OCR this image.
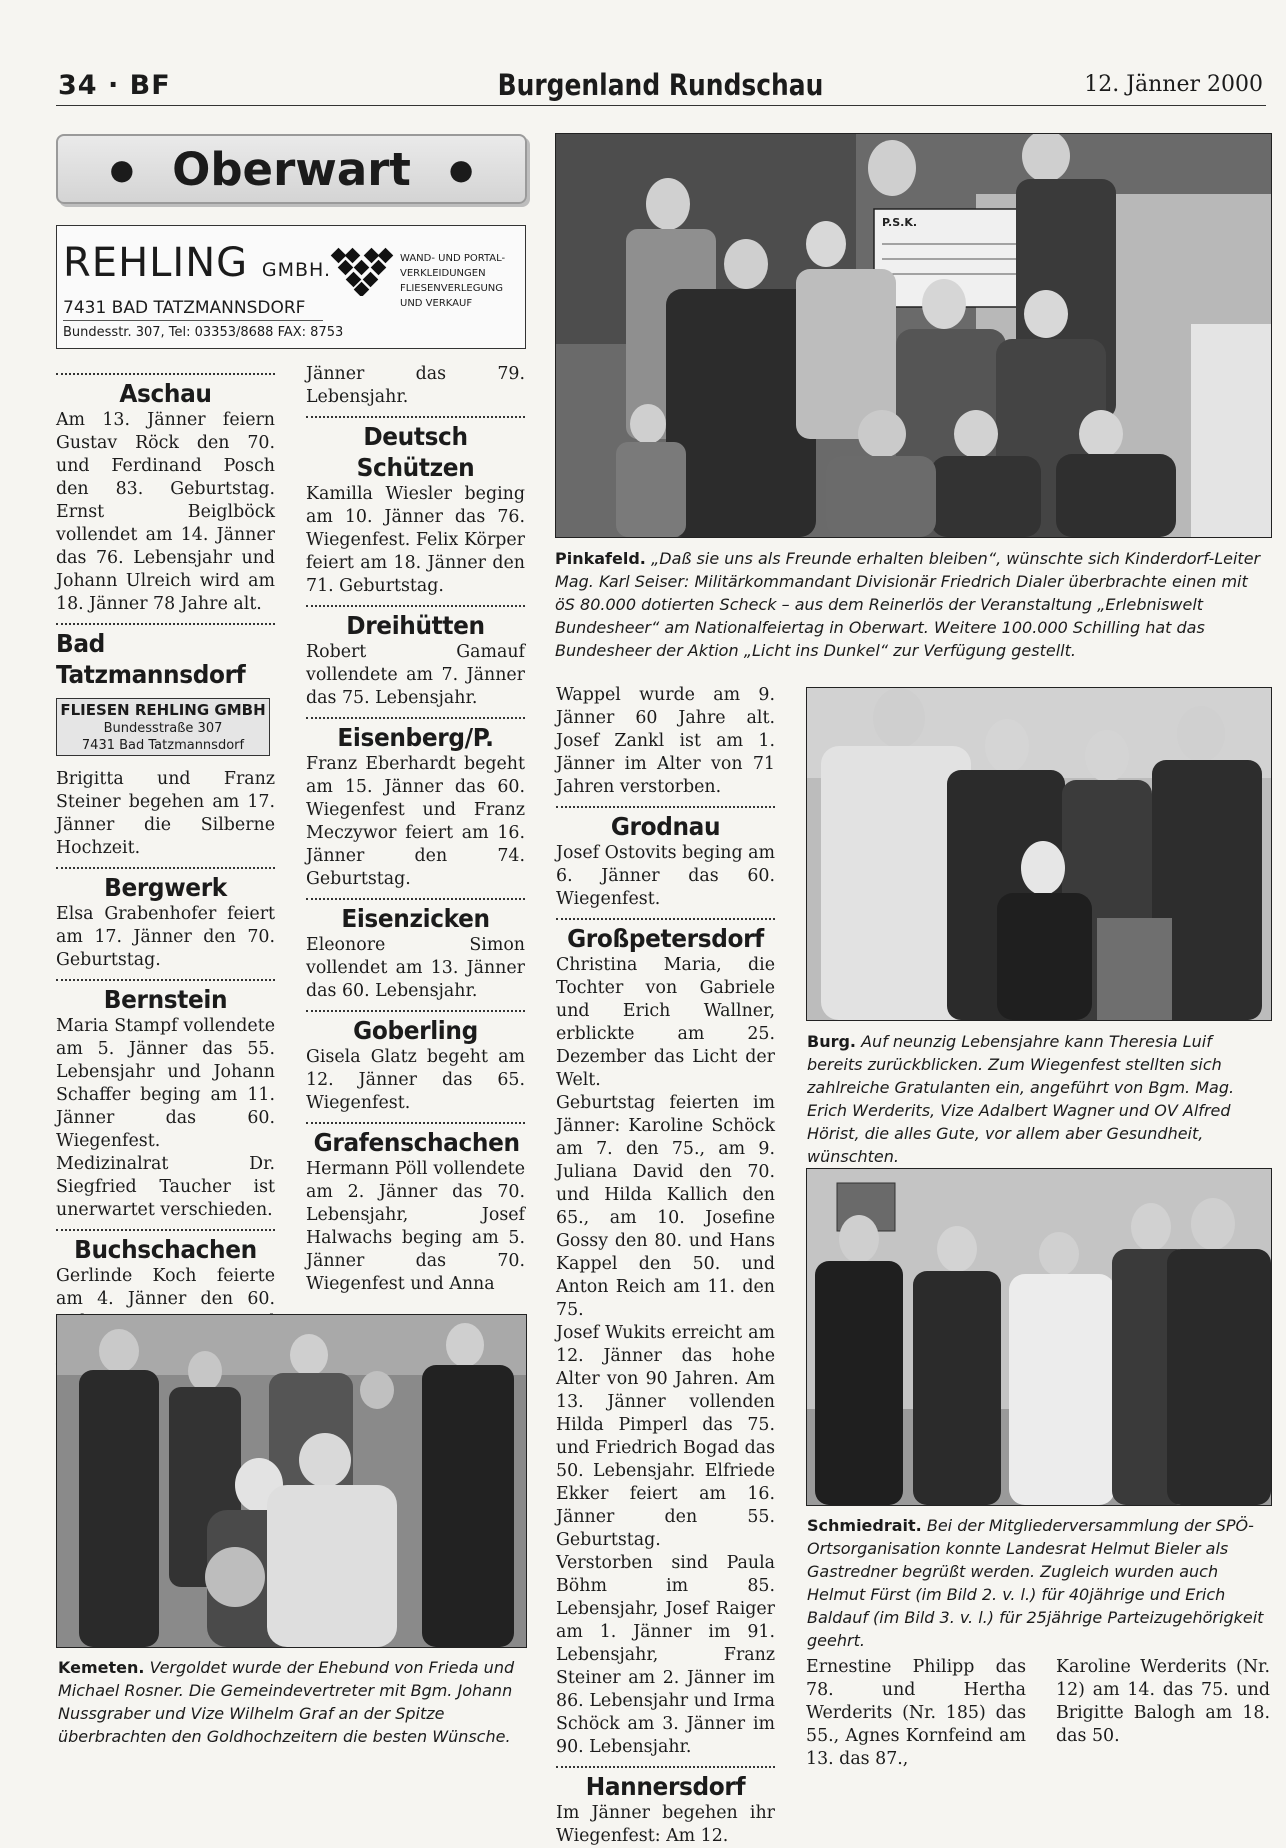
34 · BF	Burgenland Rundschau	12. Jänner 2000
● Oberwart ●
REHLING GMBH.
WAND- UND PORTAL-VERKLEIDUNGEN FLIESENVERLEGUNG UND VERKAUF
7431 BAD TATZMANNSDORF
Bundesstr. 307, Tel: 03353/8688 FAX: 8753
Aschau

Am 13. Jänner feiern Gustav Röck den 70. und Ferdinand Posch den 83. Geburtstag. Ernst Beiglböck vollendet am 14. Jänner das 76. Lebensjahr und Johann Ulreich wird am 18. Jänner 78 Jahre alt.

Bad Tatzmannsdorf
FLIESEN REHLING GMBH
Bundesstraße 307
7431 Bad Tatzmannsdorf

Brigitta und Franz Steiner begehen am 17. Jänner die Silberne Hochzeit.

Bergwerk

Elsa Grabenhofer feiert am 17. Jänner den 70. Geburtstag.

Bernstein

Maria Stampf vollendete am 5. Jänner das 55. Lebensjahr und Johann Schaffer beging am 11. Jänner das 60. Wiegenfest. Medizinalrat Dr. Siegfried Taucher ist unerwartet verschieden.

Buchschachen

Gerlinde Koch feierte am 4. Jänner den 60.

Jänner das 79. Lebensjahr.

Deutsch Schützen

Kamilla Wiesler beging am 10. Jänner das 76. Wiegenfest. Felix Körper feiert am 18. Jänner den 71. Geburtstag.

Dreihütten

Robert Gamauf vollendete am 7. Jänner das 75. Lebensjahr.

Eisenberg/P.

Franz Eberhardt begeht am 15. Jänner das 60. Wiegenfest und Franz Meczywor feiert am 16. Jänner den 74. Geburtstag.

Eisenzicken

Eleonore Simon vollendet am 13. Jänner das 60. Lebensjahr.

Goberling

Gisela Glatz begeht am 12. Jänner das 65. Wiegenfest.

Grafenschachen

Hermann Pöll vollendete am 2. Jänner das 70. Lebensjahr, Josef Halwachs beging am 5. Jänner das 70. Wiegenfest und Anna

Kemeten. Vergoldet wurde der Ehebund von Frieda und Michael Rosner. Die Gemeindevertreter mit Bgm. Johann Nussgraber und Vize Wilhelm Graf an der Spitze überbrachten den Goldhochzeitern die besten Wünsche.
P.S.K.
Pinkafeld. „Daß sie uns als Freunde erhalten bleiben“, wünschte sich Kinderdorf-Leiter Mag. Karl Seiser: Militärkommandant Divisionär Friedrich Dialer überbrachte einen mit öS 80.000 dotierten Scheck – aus dem Reinerlös der Veranstaltung „Erlebniswelt Bundesheer“ am Nationalfeiertag in Oberwart. Weitere 100.000 Schilling hat das Bundesheer der Aktion „Licht ins Dunkel“ zur Verfügung gestellt.

Wappel wurde am 9. Jänner 60 Jahre alt. Josef Zankl ist am 1. Jänner im Alter von 71 Jahren verstorben.

Grodnau

Josef Ostovits beging am 6. Jänner das 60. Wiegenfest.

Großpetersdorf

Christina Maria, die Tochter von Gabriele und Erich Wallner, erblickte am 25. Dezember das Licht der Welt.

Geburtstag feierten im Jänner: Karoline Schöck am 7. den 75., am 9. Juliana David den 70. und Hilda Kallich den 65., am 10. Josefine Gossy den 80. und Hans Kappel den 50. und Anton Reich am 11. den 75.

Josef Wukits erreicht am 12. Jänner das hohe Alter von 90 Jahren. Am 13. Jänner vollenden Hilda Pimperl das 75. und Friedrich Bogad das 50. Lebensjahr. Elfriede Ekker feiert am 16. Jänner den 55. Geburtstag.

Verstorben sind Paula Böhm im 85. Lebensjahr, Josef Raiger am 1. Jänner im 91. Lebensjahr, Franz Steiner am 2. Jänner im 86. Lebensjahr und Irma Schöck am 3. Jänner im 90. Lebensjahr.

Hannersdorf

Im Jänner begehen ihr Wiegenfest: Am 12.

Burg. Auf neunzig Lebensjahre kann Theresia Luif bereits zurückblicken. Zum Wiegenfest stellten sich zahlreiche Gratulanten ein, angeführt von Bgm. Mag. Erich Werderits, Vize Adalbert Wagner und OV Alfred Hörist, die alles Gute, vor allem aber Gesundheit, wünschten.
Schmiedrait. Bei der Mitgliederversammlung der SPÖ-Ortsorganisation konnte Landesrat Helmut Bieler als Gastredner begrüßt werden. Zugleich wurden auch Helmut Fürst (im Bild 2. v. l.) für 40jährige und Erich Baldauf (im Bild 3. v. l.) für 25jährige Parteizugehörigkeit geehrt.

Ernestine Philipp das 78. und Hertha Werderits (Nr. 185) das 55., Agnes Kornfeind am 13. das 87.,

Karoline Werderits (Nr. 12) am 14. das 75. und Brigitte Balogh am 18. das 50.
